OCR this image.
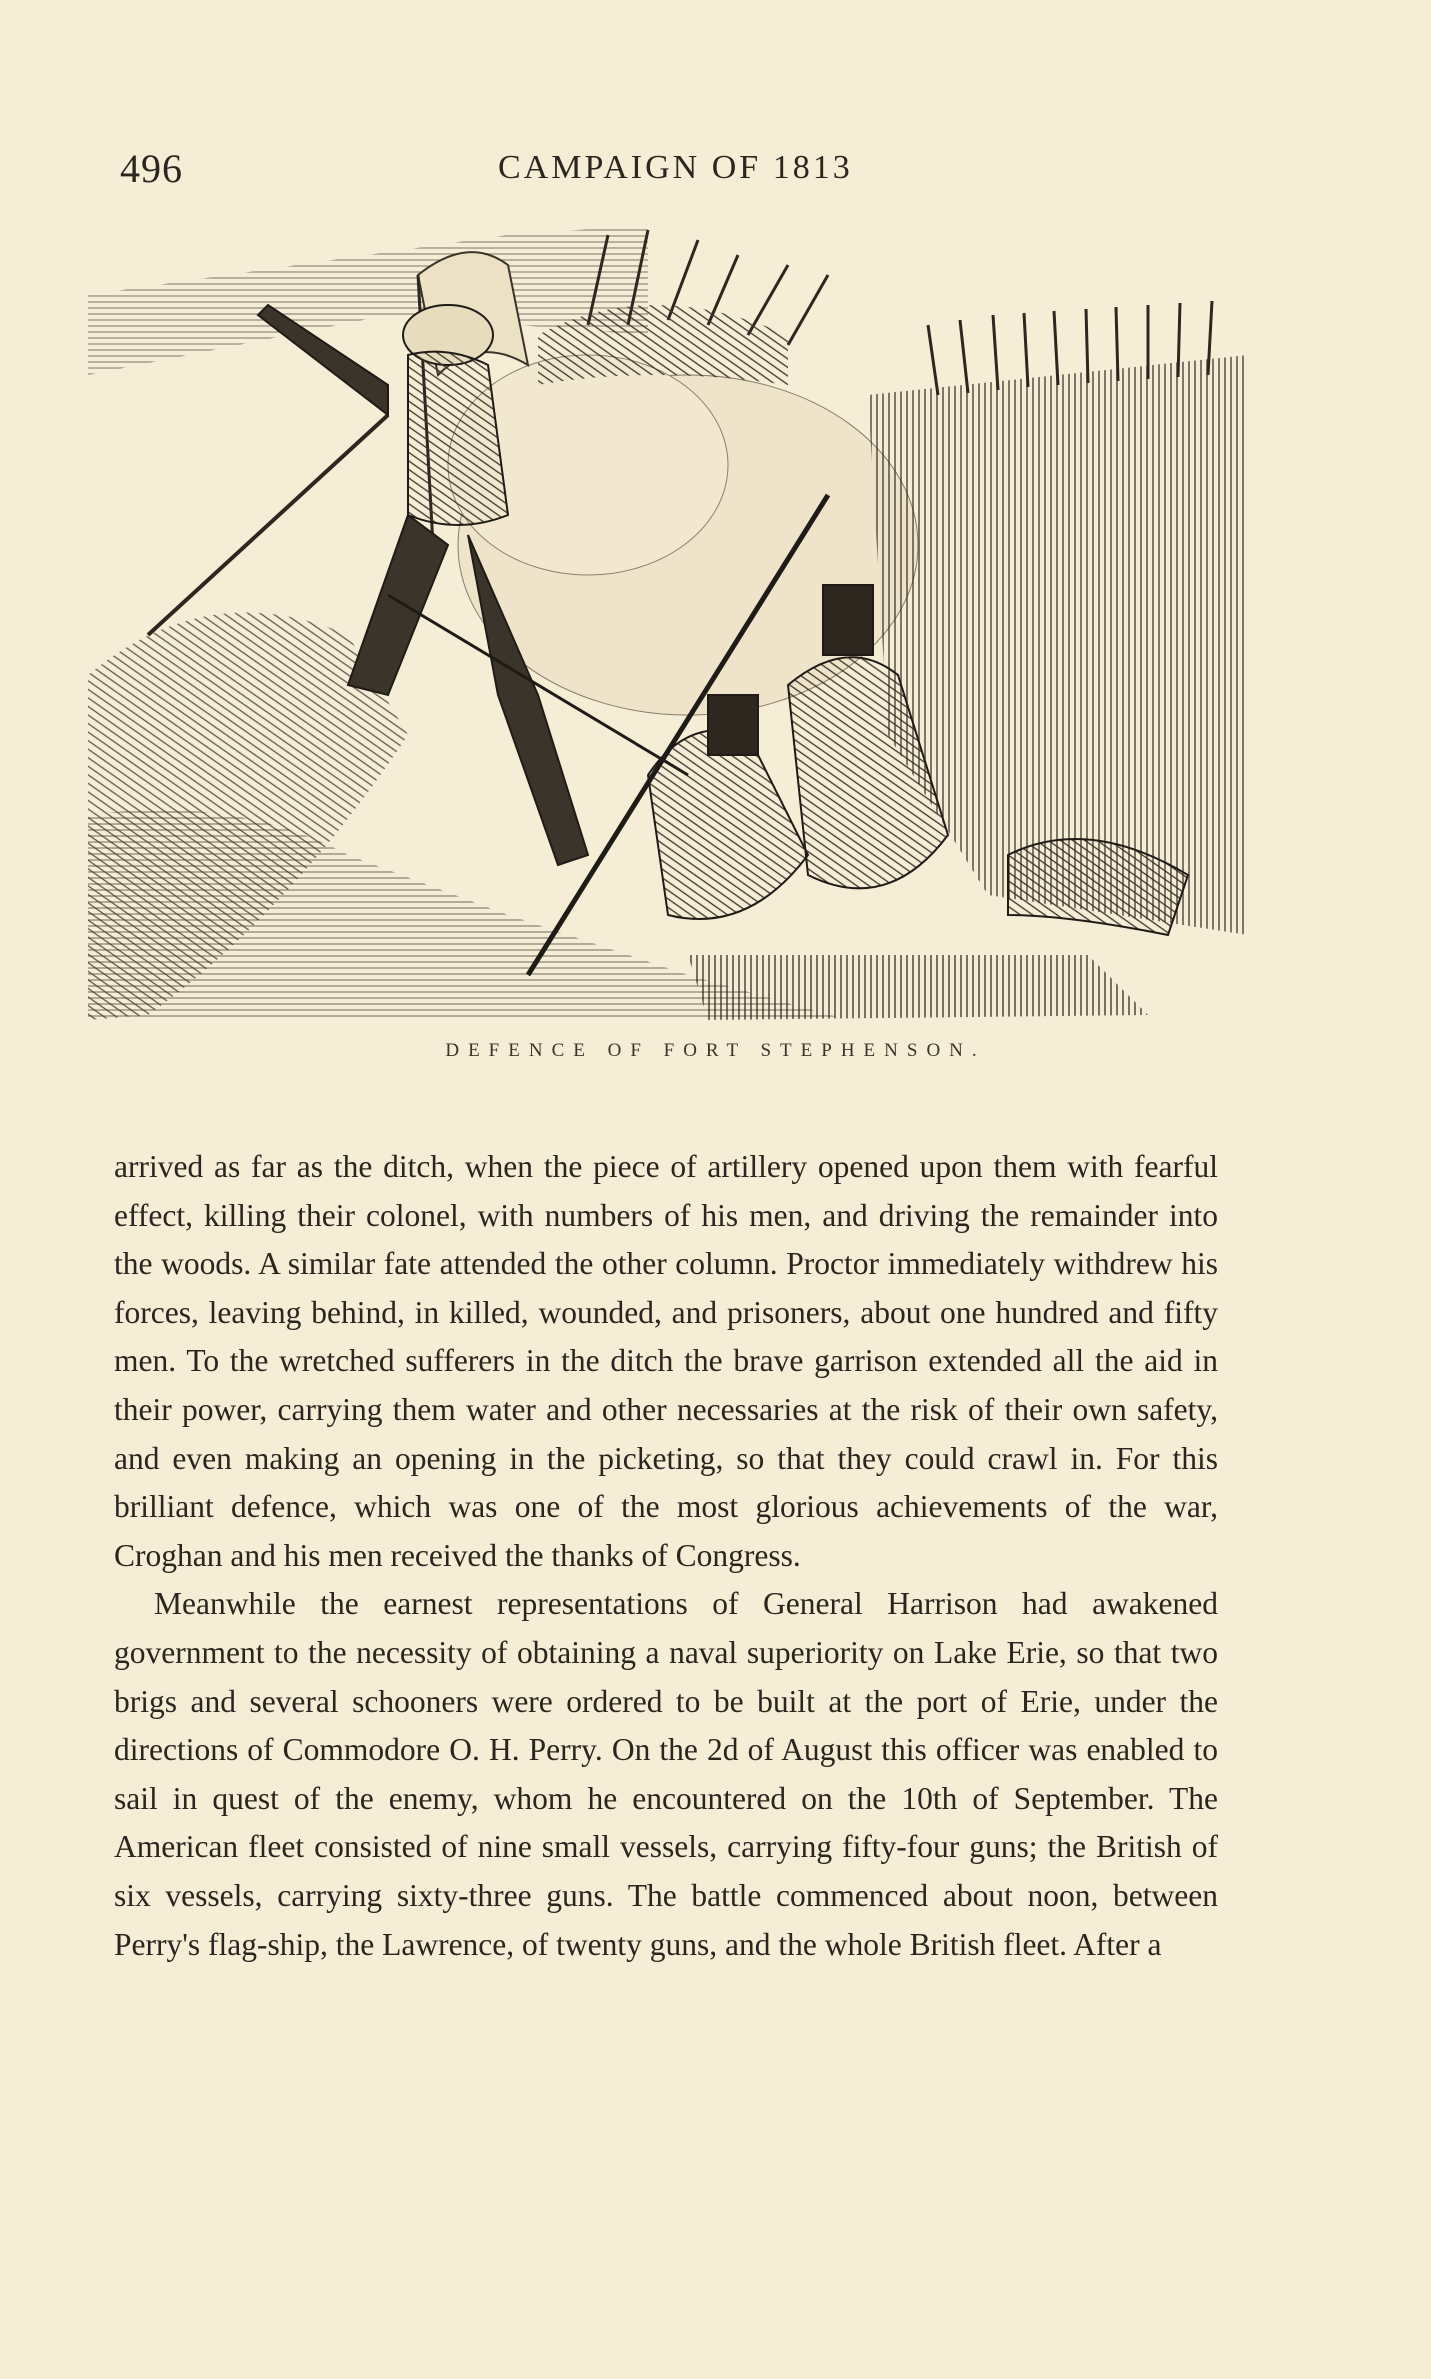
496	CAMPAIGN OF 1813
DEFENCE OF FORT STEPHENSON.

arrived as far as the ditch, when the piece of artillery opened upon them with fearful effect, killing their colonel, with numbers of his men, and driving the remainder into the woods. A similar fate attended the other column. Proctor immediately withdrew his forces, leaving behind, in killed, wounded, and prisoners, about one hundred and fifty men. To the wretched sufferers in the ditch the brave garrison extended all the aid in their power, carrying them water and other necessaries at the risk of their own safety, and even making an opening in the picketing, so that they could crawl in. For this brilliant defence, which was one of the most glorious achievements of the war, Croghan and his men received the thanks of Congress.

Meanwhile the earnest representations of General Harrison had awakened government to the necessity of obtaining a naval superiority on Lake Erie, so that two brigs and several schooners were ordered to be built at the port of Erie, under the directions of Commodore O. H. Perry. On the 2d of August this officer was enabled to sail in quest of the enemy, whom he encountered on the 10th of September. The American fleet consisted of nine small vessels, carrying fifty-four guns; the British of six vessels, carrying sixty-three guns. The battle commenced about noon, between Perry's flag-ship, the Lawrence, of twenty guns, and the whole British fleet. After a
